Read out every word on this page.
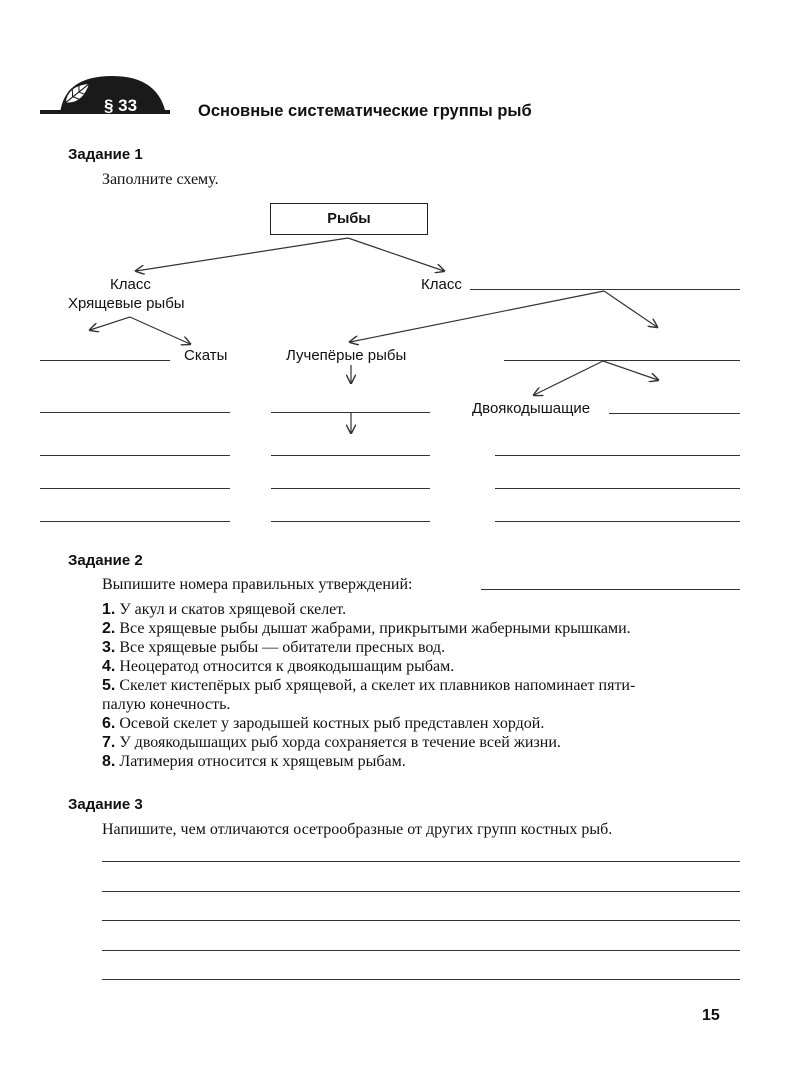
§ 33	Основные систематические группы рыб
Задание 1
Заполните схему.
Рыбы
Класс
Хрящевые рыбы
Класс
Скаты	Лучепёрые рыбы
Двоякодышащие
Задание 2
Выпишите номера правильных утверждений:
1. У акул и скатов хрящевой скелет.
2. Все хрящевые рыбы дышат жабрами, прикрытыми жаберными крышками.
3. Все хрящевые рыбы — обитатели пресных вод.
4. Неоцератод относится к двоякодышащим рыбам.
5. Скелет кистепёрых рыб хрящевой, а скелет их плавников напоминает пяти-
палую конечность.
6. Осевой скелет у зародышей костных рыб представлен хордой.
7. У двоякодышащих рыб хорда сохраняется в течение всей жизни.
8. Латимерия относится к хрящевым рыбам.
Задание 3
Напишите, чем отличаются осетрообразные от других групп костных рыб.
15
